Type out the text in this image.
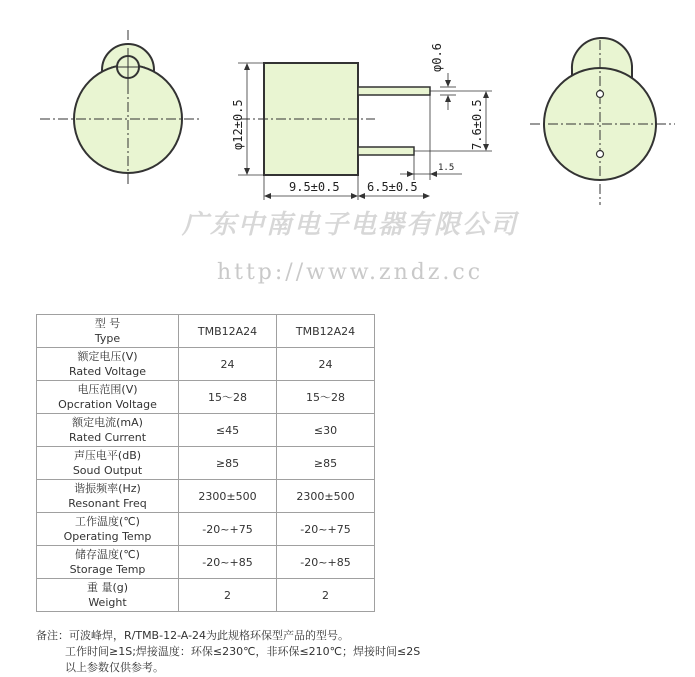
φ12±0.5
φ0.6
7.6±0.5
1.5
9.5±0.5 6.5±0.5
广东中南电子电器有限公司
http://www.zndz.cc
型 号
Type	TMB12A24	TMB12A24

额定电压(V)
Rated Voltage	24	24

电压范围(V)
Opcration Voltage	15～28	15～28

额定电流(mA)
Rated Current	≤45	≤30

声压电平(dB)
Soud Output	≥85	≥85

谐振频率(Hz)
Resonant Freq	2300±500	2300±500

工作温度(℃)
Operating Temp	-20~+75	-20~+75

储存温度(℃)
Storage Temp	-20~+85	-20~+85

重 量(g)
Weight	2	2
备注：可波峰焊，R/TMB-12-A-24为此规格环保型产品的型号。
工作时间≥1S;焊接温度：环保≤230℃，非环保≤210℃；焊接时间≤2S
以上参数仅供参考。
